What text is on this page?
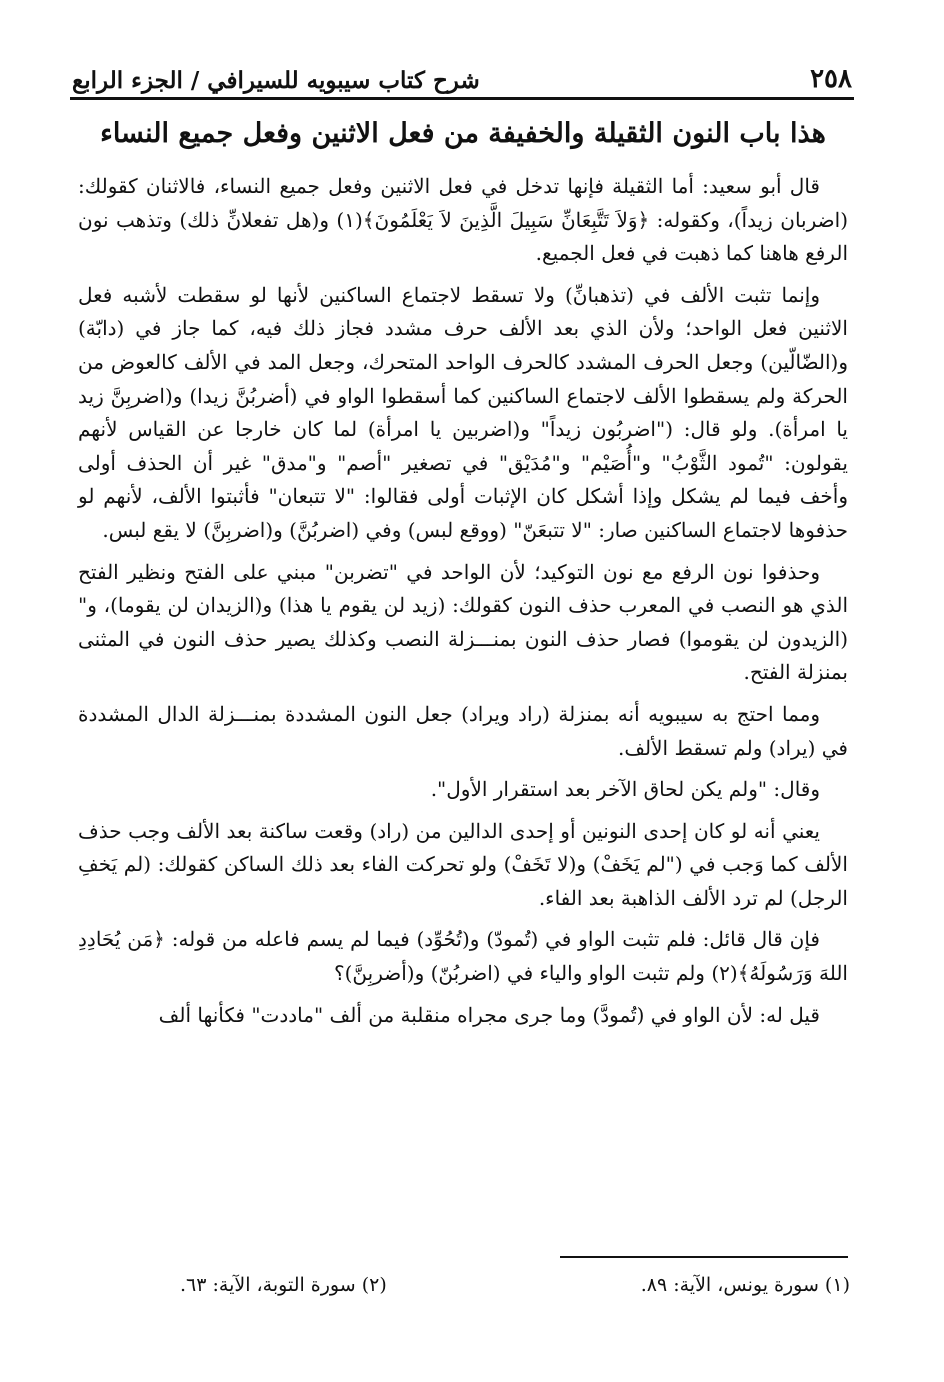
٢٥٨
شرح كتاب سيبويه للسيرافي / الجزء الرابع
هذا باب النون الثقيلة والخفيفة من فعل الاثنين وفعل جميع النساء

قال أبو سعيد: أما الثقيلة فإنها تدخل في فعل الاثنين وفعل جميع النساء، فالاثنان كقولك: (اضربان زيداً)، وكقوله: ﴿وَلاَ تَتَّبِعَانِّ سَبِيلَ الَّذِينَ لاَ يَعْلَمُونَ﴾(١) و(هل تفعلانِّ ذلك) وتذهب نون الرفع هاهنا كما ذهبت في فعل الجميع.

وإنما تثبت الألف في (تذهبانِّ) ولا تسقط لاجتماع الساكنين لأنها لو سقطت لأشبه فعل الاثنين فعل الواحد؛ ولأن الذي بعد الألف حرف مشدد فجاز ذلك فيه، كما جاز في (دابّة) و(الضّالّين) وجعل الحرف المشدد كالحرف الواحد المتحرك، وجعل المد في الألف كالعوض من الحركة ولم يسقطوا الألف لاجتماع الساكنين كما أسقطوا الواو في (أضربُنَّ زيدا) و(اضربِنَّ زيد يا امرأة). ولو قال: ("اضربُون زيداً" و(اضربين يا امرأة) لما كان خارجا عن القياس لأنهم يقولون: "تُمود الثَّوْبُ" و"أُصَيْم" و"مُدَيْق" في تصغير "أصم" و"مدق" غير أن الحذف أولى وأخف فيما لم يشكل وإذا أشكل كان الإثبات أولى فقالوا: "لا تتبعان" فأثبتوا الألف، لأنهم لو حذفوها لاجتماع الساكنين صار: "لا تتبعَنّ" (ووقع لبس) وفي (اضربُنَّ) و(اضربِنَّ) لا يقع لبس.

وحذفوا نون الرفع مع نون التوكيد؛ لأن الواحد في "تضربن" مبني على الفتح ونظير الفتح الذي هو النصب في المعرب حذف النون كقولك: (زيد لن يقوم يا هذا) و(الزيدان لن يقوما)، و"(الزيدون لن يقوموا) فصار حذف النون بمنـــزلة النصب وكذلك يصير حذف النون في المثنى بمنزلة الفتح.

ومما احتج به سيبويه أنه بمنزلة (راد ويراد) جعل النون المشددة بمنـــزلة الدال المشددة في (يراد) ولم تسقط الألف.

وقال: "ولم يكن لحاق الآخر بعد استقرار الأول".

يعني أنه لو كان إحدى النونين أو إحدى الدالين من (راد) وقعت ساكنة بعد الألف وجب حذف الألف كما وَجب في ("لم يَخَفْ) و(لا تَخَفْ) ولو تحركت الفاء بعد ذلك الساكن كقولك: (لم يَخفِ الرجل) لم ترد الألف الذاهبة بعد الفاء.

فإن قال قائل: فلم تثبت الواو في (تُمودّ) و(تُحُوِّد) فيما لم يسم فاعله من قوله: ﴿مَن يُحَادِدِ اللهَ وَرَسُولَهُ﴾(٢) ولم تثبت الواو والياء في (اضربُنّ) و(أضربِنَّ)؟

قيل له: لأن الواو في (تُمودَّ) وما جرى مجراه منقلبة من ألف "ماددت" فكأنها ألف

(١) سورة يونس، الآية: ٨٩.
(٢) سورة التوبة، الآية: ٦٣.
